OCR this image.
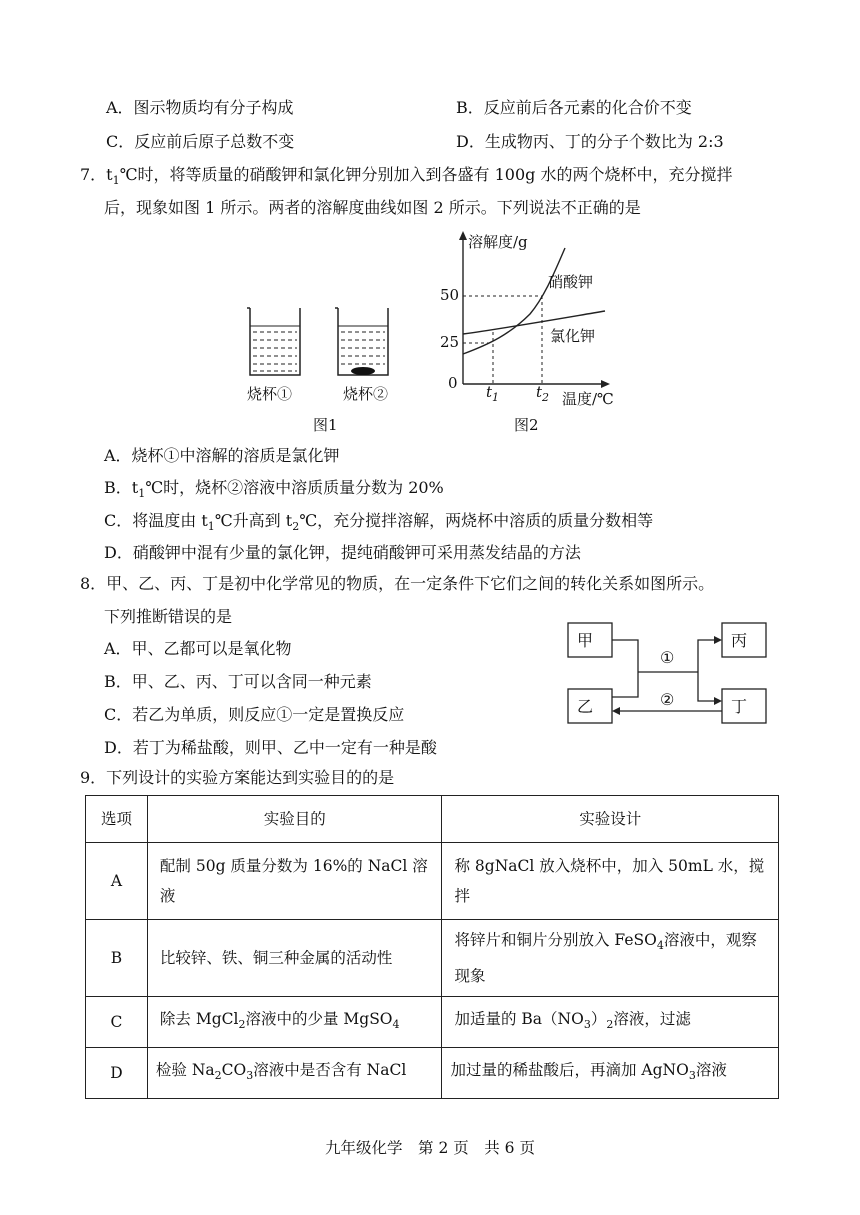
A．图示物质均有分子构成	B．反应前后各元素的化合价不变
C．反应前后原子总数不变	D．生成物丙、丁的分子个数比为 2:3
7．$t_1℃$时，将等质量的硝酸钾和氯化钾分别加入到各盛有 100g 水的两个烧杯中，充分搅拌
后，现象如图 1 所示。两者的溶解度曲线如图 2 所示。下列说法不正确的是
烧杯①	烧杯②
图1
溶解度/g
50
25
0
硝酸钾
氯化钾
$t_1$ $t_2$ 温度/℃
图2
A．烧杯①中溶解的溶质是氯化钾
B．$t_1℃$时，烧杯②溶液中溶质质量分数为 20%
C．将温度由 $t_1℃$升高到 $t_2℃$，充分搅拌溶解，两烧杯中溶质的质量分数相等
D．硝酸钾中混有少量的氯化钾，提纯硝酸钾可采用蒸发结晶的方法
8．甲、乙、丙、丁是初中化学常见的物质，在一定条件下它们之间的转化关系如图所示。
下列推断错误的是
A．甲、乙都可以是氧化物
B．甲、乙、丙、丁可以含同一种元素
C．若乙为单质，则反应①一定是置换反应
D．若丁为稀盐酸，则甲、乙中一定有一种是酸
甲
乙
丙
丁
①
②
9．下列设计的实验方案能达到实验目的的是
选项	实验目的	实验设计
A	配制 50g 质量分数为 16%的 NaCl 溶液	称 8gNaCl 放入烧杯中，加入 50mL 水，搅拌
B	比较锌、铁、铜三种金属的活动性	将锌片和铜片分别放入 FeSO$_4$溶液中，观察现象
C	除去 MgCl$_2$溶液中的少量 MgSO$_4$	加适量的 $Ba(NO_3)_2$溶液，过滤
D	检验 $Na_2CO_3$溶液中是否含有 NaCl	加过量的稀盐酸后，再滴加 AgNO$_3$溶液
九年级化学　第 2 页　共 6 页
